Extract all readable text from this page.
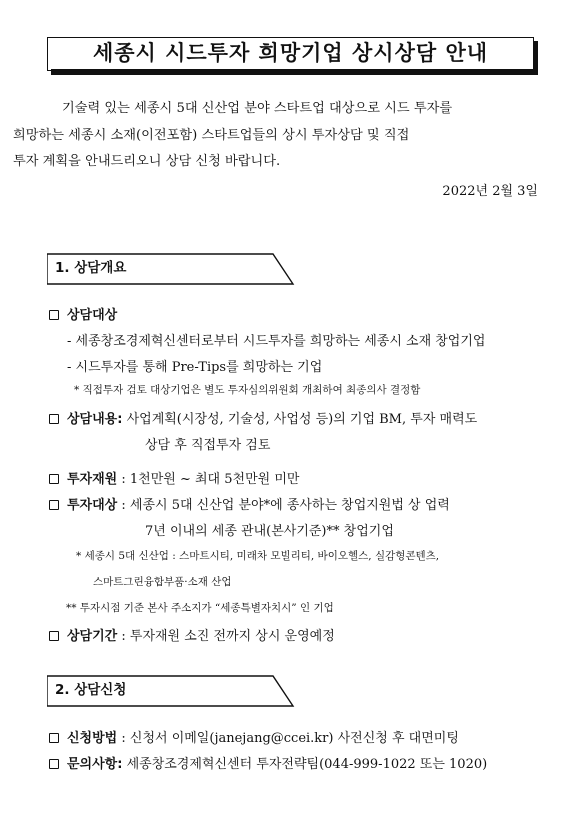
세종시 시드투자 희망기업 상시상담 안내

기술력 있는 세종시 5대 신산업 분야 스타트업 대상으로 시드 투자를

희망하는 세종시 소재(이전포함) 스타트업들의 상시 투자상담 및 직접

투자 계획을 안내드리오니 상담 신청 바랍니다.

2022년 2월 3일
1. 상담개요
상담대상
- 세종창조경제혁신센터로부터 시드투자를 희망하는 세종시 소재 창업기업
- 시드투자를 통해 Pre-Tips를 희망하는 기업
* 직접투자 검토 대상기업은 별도 투자심의위원회 개최하여 최종의사 결정함
상담내용: 사업계획(시장성, 기술성, 사업성 등)의 기업 BM, 투자 매력도
상담 후 직접투자 검토
투자재원 : 1천만원 ~ 최대 5천만원 미만
투자대상 : 세종시 5대 신산업 분야*에 종사하는 창업지원법 상 업력
7년 이내의 세종 관내(본사기준)** 창업기업
* 세종시 5대 신산업 : 스마트시티, 미래차 모빌리티, 바이오헬스, 실감형콘텐츠,
스마트그린융합부품·소재 산업
** 투자시점 기준 본사 주소지가 “세종특별자치시” 인 기업
상담기간 : 투자재원 소진 전까지 상시 운영예정
2. 상담신청
신청방법 : 신청서 이메일(janejang@ccei.kr) 사전신청 후 대면미팅
문의사항: 세종창조경제혁신센터 투자전략팀(044-999-1022 또는 1020)
